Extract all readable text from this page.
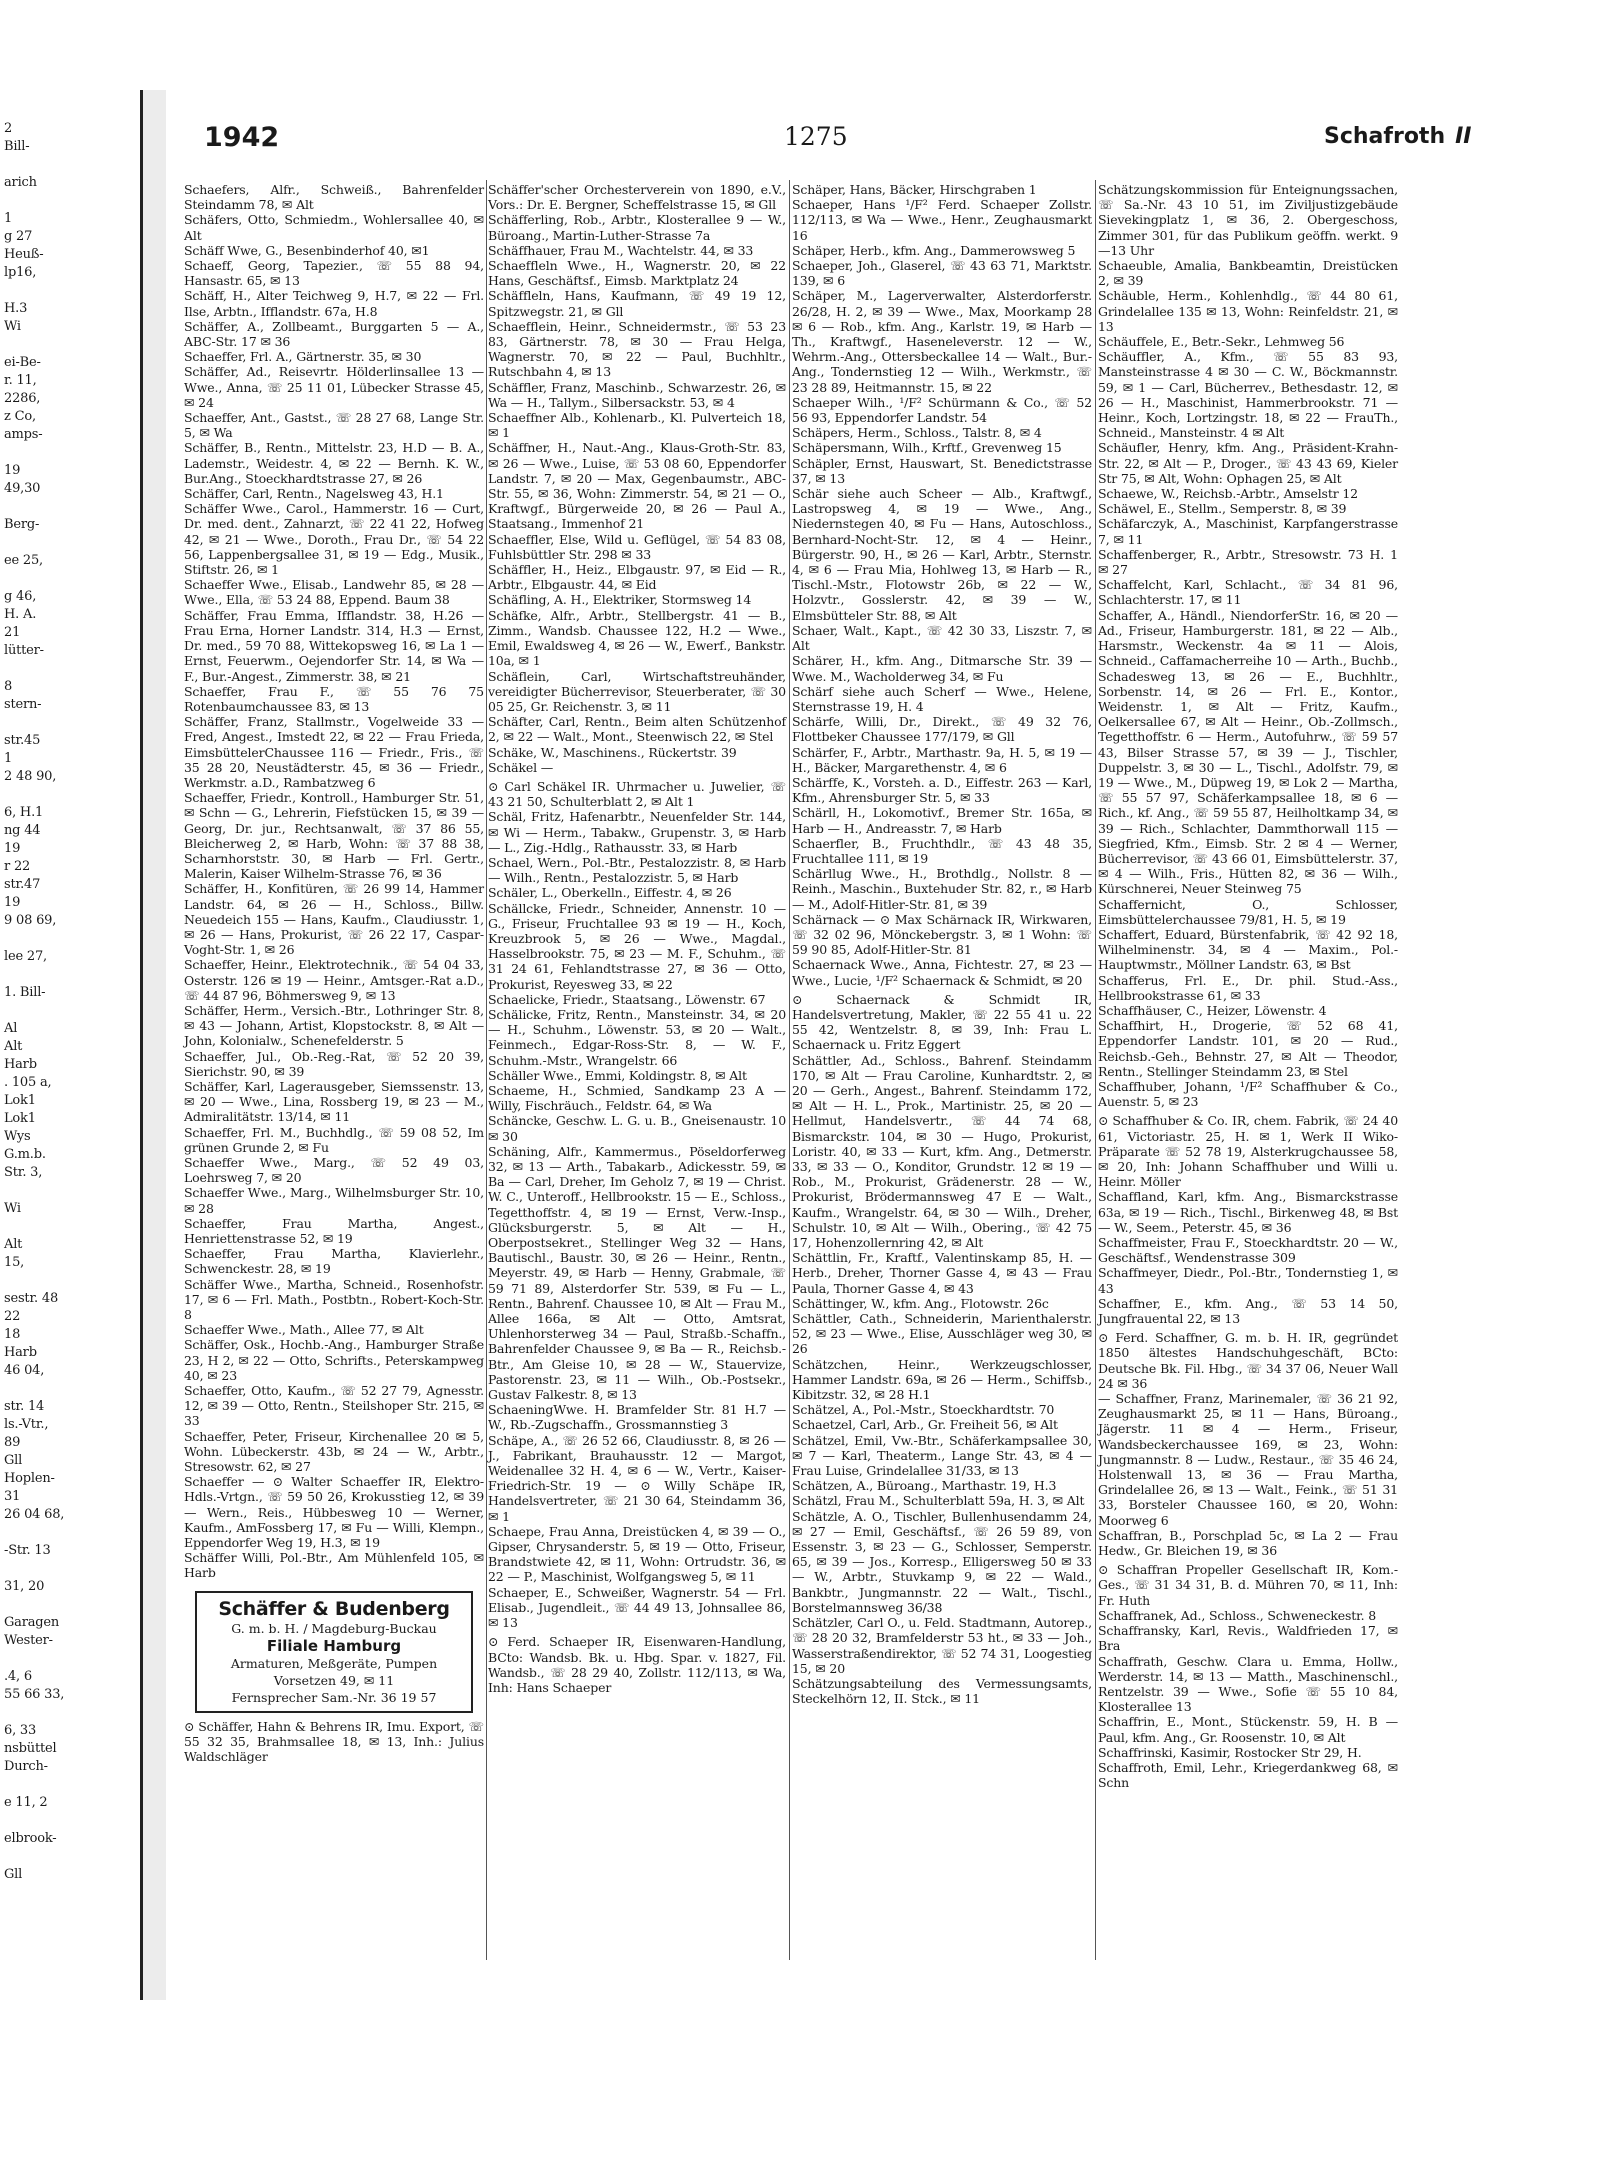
2
Bill-
arich
1
g 27
Heuß-
lp16,
H.3
Wi
ei-Be-
r. 11,
2286,
z Co,
amps-
19
49,30
Berg-
ee 25,
g 46,
H. A.
21
lütter-
8
stern-
str.45
1
2 48 90,
6, H.1
ng 44
19
r 22
str.47
19
9 08 69,
lee 27,
1. Bill-
Al
Alt
Harb
. 105 a,
Lok1
Lok1
Wys
G.m.b.
Str. 3,
Wi
Alt
15,
sestr. 48
22
18
Harb
46 04,
str. 14
ls.-Vtr.,
89
Gll
Hoplen-
31
26 04 68,
-Str. 13
31, 20
Garagen
Wester-
.4, 6
55 66 33,
6, 33
nsbüttel
Durch-
e 11, 2
elbrook-
Gll
1942	1275	Schafroth II
Schaefers, Alfr., Schweiß., Bahrenfelder Steindamm 78, ✉ Alt
Schäfers, Otto, Schmiedm., Wohlersallee 40, ✉ Alt
Schäff Wwe, G., Besenbinderhof 40, ✉1
Schaeff, Georg, Tapezier., ☏ 55 88 94, Hansastr. 65, ✉ 13
Schäff, H., Alter Teichweg 9, H.7, ✉ 22 — Frl. Ilse, Arbtn., Ifflandstr. 67a, H.8
Schäffer, A., Zollbeamt., Burggarten 5 — A., ABC-Str. 17 ✉ 36
Schaeffer, Frl. A., Gärtnerstr. 35, ✉ 30
Schäffer, Ad., Reisevrtr. Hölderlinsallee 13 — Wwe., Anna, ☏ 25 11 01, Lübecker Strasse 45, ✉ 24
Schaeffer, Ant., Gastst., ☏ 28 27 68, Lange Str. 5, ✉ Wa
Schäffer, B., Rentn., Mittelstr. 23, H.D — B. A., Lademstr., Weidestr. 4, ✉ 22 — Bernh. K. W., Bur.Ang., Stoeckhardtstrasse 27, ✉ 26
Schäffer, Carl, Rentn., Nagelsweg 43, H.1
Schäffer Wwe., Carol., Hammerstr. 16 — Curt, Dr. med. dent., Zahnarzt, ☏ 22 41 22, Hofweg 42, ✉ 21 — Wwe., Doroth., Frau Dr., ☏ 54 22 56, Lappenbergsallee 31, ✉ 19 — Edg., Musik., Stiftstr. 26, ✉ 1
Schaeffer Wwe., Elisab., Landwehr 85, ✉ 28 — Wwe., Ella, ☏ 53 24 88, Eppend. Baum 38
Schäffer, Frau Emma, Ifflandstr. 38, H.26 — Frau Erna, Horner Landstr. 314, H.3 — Ernst, Dr. med., 59 70 88, Wittekopsweg 16, ✉ La 1 — Ernst, Feuerwm., Oejendorfer Str. 14, ✉ Wa — F., Bur.-Angest., Zimmerstr. 38, ✉ 21
Schaeffer, Frau F., ☏ 55 76 75 Rotenbaumchaussee 83, ✉ 13
Schäffer, Franz, Stallmstr., Vogelweide 33 — Fred, Angest., Imstedt 22, ✉ 22 — Frau Frieda, EimsbüttelerChaussee 116 — Friedr., Fris., ☏ 35 28 20, Neustädterstr. 45, ✉ 36 — Friedr., Werkmstr. a.D., Rambatzweg 6
Schaeffer, Friedr., Kontroll., Hamburger Str. 51, ✉ Schn — G., Lehrerin, Fiefstücken 15, ✉ 39 — Georg, Dr. jur., Rechtsanwalt, ☏ 37 86 55, Bleicherweg 2, ✉ Harb, Wohn: ☏ 37 88 38, Scharnhorststr. 30, ✉ Harb — Frl. Gertr., Malerin, Kaiser Wilhelm-Strasse 76, ✉ 36
Schäffer, H., Konfitüren, ☏ 26 99 14, Hammer Landstr. 64, ✉ 26 — H., Schloss., Billw. Neuedeich 155 — Hans, Kaufm., Claudiusstr. 1, ✉ 26 — Hans, Prokurist, ☏ 26 22 17, Caspar-Voght-Str. 1, ✉ 26
Schaeffer, Heinr., Elektrotechnik., ☏ 54 04 33, Osterstr. 126 ✉ 19 — Heinr., Amtsger.-Rat a.D., ☏ 44 87 96, Böhmersweg 9, ✉ 13
Schäffer, Herm., Versich.-Btr., Lothringer Str. 8, ✉ 43 — Johann, Artist, Klopstockstr. 8, ✉ Alt — John, Kolonialw., Schenefelderstr. 5
Schaeffer, Jul., Ob.-Reg.-Rat, ☏ 52 20 39, Sierichstr. 90, ✉ 39
Schäffer, Karl, Lagerausgeber, Siemssenstr. 13, ✉ 20 — Wwe., Lina, Rossberg 19, ✉ 23 — M., Admiralitätstr. 13/14, ✉ 11
Schaeffer, Frl. M., Buchhdlg., ☏ 59 08 52, Im grünen Grunde 2, ✉ Fu
Schaeffer Wwe., Marg., ☏ 52 49 03, Loehrsweg 7, ✉ 20
Schaeffer Wwe., Marg., Wilhelmsburger Str. 10, ✉ 28
Schaeffer, Frau Martha, Angest., Henriettenstrasse 52, ✉ 19
Schaeffer, Frau Martha, Klavierlehr., Schwenckestr. 28, ✉ 19
Schäffer Wwe., Martha, Schneid., Rosenhofstr. 17, ✉ 6 — Frl. Math., Postbtn., Robert-Koch-Str. 8
Schaeffer Wwe., Math., Allee 77, ✉ Alt
Schäffer, Osk., Hochb.-Ang., Hamburger Straße 23, H 2, ✉ 22 — Otto, Schrifts., Peterskampweg 40, ✉ 23
Schaeffer, Otto, Kaufm., ☏ 52 27 79, Agnesstr. 12, ✉ 39 — Otto, Rentn., Steilshoper Str. 215, ✉ 33
Schaeffer, Peter, Friseur, Kirchenallee 20 ✉ 5, Wohn. Lübeckerstr. 43b, ✉ 24 — W., Arbtr., Stresowstr. 62, ✉ 27
Schaeffer — ⊙ Walter Schaeffer IR, Elektro-Hdls.-Vrtgn., ☏ 59 50 26, Krokusstieg 12, ✉ 39 — Wern., Reis., Hübbesweg 10 — Werner, Kaufm., AmFossberg 17, ✉ Fu — Willi, Klempn., Eppendorfer Weg 19, H.3, ✉ 19
Schäffer Willi, Pol.-Btr., Am Mühlenfeld 105, ✉ Harb
Schäffer & Budenberg
G. m. b. H. / Magdeburg-Buckau
Filiale Hamburg
Armaturen, Meßgeräte, Pumpen
Vorsetzen 49, ✉ 11
Fernsprecher Sam.-Nr. 36 19 57
⊙ Schäffer, Hahn & Behrens IR, Imu. Export, ☏ 55 32 35, Brahmsallee 18, ✉ 13, Inh.: Julius Waldschläger
Schäffer'scher Orchesterverein von 1890, e.V., Vors.: Dr. E. Bergner, Scheffelstrasse 15, ✉ Gll
Schäfferling, Rob., Arbtr., Klosterallee 9 — W., Büroang., Martin-Luther-Strasse 7a
Schäffhauer, Frau M., Wachtelstr. 44, ✉ 33
Schaeffleln Wwe., H., Wagnerstr. 20, ✉ 22 Hans, Geschäftsf., Eimsb. Marktplatz 24
Schäffleln, Hans, Kaufmann, ☏ 49 19 12, Spitzwegstr. 21, ✉ Gll
Schaefflein, Heinr., Schneidermstr., ☏ 53 23 83, Gärtnerstr. 78, ✉ 30 — Frau Helga, Wagnerstr. 70, ✉ 22 — Paul, Buchhltr., Rutschbahn 4, ✉ 13
Schäffler, Franz, Maschinb., Schwarzestr. 26, ✉ Wa — H., Tallym., Silbersackstr. 53, ✉ 4
Schaeffner Alb., Kohlenarb., Kl. Pulverteich 18, ✉ 1
Schäffner, H., Naut.-Ang., Klaus-Groth-Str. 83, ✉ 26 — Wwe., Luise, ☏ 53 08 60, Eppendorfer Landstr. 7, ✉ 20 — Max, Gegenbaumstr., ABC-Str. 55, ✉ 36, Wohn: Zimmerstr. 54, ✉ 21 — O., Kraftwgf., Bürgerweide 20, ✉ 26 — Paul A., Staatsang., Immenhof 21
Schaeffler, Else, Wild u. Geflügel, ☏ 54 83 08, Fuhlsbüttler Str. 298 ✉ 33
Schäffler, H., Heiz., Elbgaustr. 97, ✉ Eid — R., Arbtr., Elbgaustr. 44, ✉ Eid
Schäfling, A. H., Elektriker, Stormsweg 14
Schäfke, Alfr., Arbtr., Stellbergstr. 41 — B., Zimm., Wandsb. Chaussee 122, H.2 — Wwe., Emil, Ewaldsweg 4, ✉ 26 — W., Ewerf., Bankstr. 10a, ✉ 1
Schäflein, Carl, Wirtschaftstreuhänder, vereidigter Bücherrevisor, Steuerberater, ☏ 30 05 25, Gr. Reichenstr. 3, ✉ 11
Schäfter, Carl, Rentn., Beim alten Schützenhof 2, ✉ 22 — Walt., Mont., Steenwisch 22, ✉ Stel
Schäke, W., Maschinens., Rückertstr. 39
Schäkel —
⊙ Carl Schäkel IR. Uhrmacher u. Juwelier, ☏ 43 21 50, Schulterblatt 2, ✉ Alt 1
Schäl, Fritz, Hafenarbtr., Neuenfelder Str. 144, ✉ Wi — Herm., Tabakw., Grupenstr. 3, ✉ Harb — L., Zig.-Hdlg., Rathausstr. 33, ✉ Harb
Schael, Wern., Pol.-Btr., Pestalozzistr. 8, ✉ Harb — Wilh., Rentn., Pestalozzistr. 5, ✉ Harb
Schäler, L., Oberkelln., Eiffestr. 4, ✉ 26
Schällcke, Friedr., Schneider, Annenstr. 10 — G., Friseur, Fruchtallee 93 ✉ 19 — H., Koch, Kreuzbrook 5, ✉ 26 — Wwe., Magdal., Hasselbrookstr. 75, ✉ 23 — M. F., Schuhm., ☏ 31 24 61, Fehlandtstrasse 27, ✉ 36 — Otto, Prokurist, Reyesweg 33, ✉ 22
Schaelicke, Friedr., Staatsang., Löwenstr. 67
Schälicke, Fritz, Rentn., Mansteinstr. 34, ✉ 20 — H., Schuhm., Löwenstr. 53, ✉ 20 — Walt., Feinmech., Edgar-Ross-Str. 8, — W. F., Schuhm.-Mstr., Wrangelstr. 66
Schäller Wwe., Emmi, Koldingstr. 8, ✉ Alt
Schaeme, H., Schmied, Sandkamp 23 A — Willy, Fischräuch., Feldstr. 64, ✉ Wa
Schäncke, Geschw. L. G. u. B., Gneisenaustr. 10 ✉ 30
Schäning, Alfr., Kammermus., Pöseldorferweg 32, ✉ 13 — Arth., Tabakarb., Adickesstr. 59, ✉ Ba — Carl, Dreher, Im Geholz 7, ✉ 19 — Christ. W. C., Unteroff., Hellbrookstr. 15 — E., Schloss., Tegetthoffstr. 4, ✉ 19 — Ernst, Verw.-Insp., Glücksburgerstr. 5, ✉ Alt — H., Oberpostsekret., Stellinger Weg 32 — Hans, Bautischl., Baustr. 30, ✉ 26 — Heinr., Rentn., Meyerstr. 49, ✉ Harb — Henny, Grabmale, ☏ 59 71 89, Alsterdorfer Str. 539, ✉ Fu — L., Rentn., Bahrenf. Chaussee 10, ✉ Alt — Frau M., Allee 166a, ✉ Alt — Otto, Amtsrat, Uhlenhorsterweg 34 — Paul, Straßb.-Schaffn., Bahrenfelder Chaussee 9, ✉ Ba — R., Reichsb.-Btr., Am Gleise 10, ✉ 28 — W., Stauervize, Pastorenstr. 23, ✉ 11 — Wilh., Ob.-Postsekr., Gustav Falkestr. 8, ✉ 13
SchaeningWwe. H. Bramfelder Str. 81 H.7 — W., Rb.-Zugschaffn., Grossmannstieg 3
Schäpe, A., ☏ 26 52 66, Claudiusstr. 8, ✉ 26 — J., Fabrikant, Brauhausstr. 12 — Margot, Weidenallee 32 H. 4, ✉ 6 — W., Vertr., Kaiser-Friedrich-Str. 19 — ⊙ Willy Schäpe IR, Handelsvertreter, ☏ 21 30 64, Steindamm 36, ✉ 1
Schaepe, Frau Anna, Dreistücken 4, ✉ 39 — O., Gipser, Chrysanderstr. 5, ✉ 19 — Otto, Friseur, Brandstwiete 42, ✉ 11, Wohn: Ortrudstr. 36, ✉ 22 — P., Maschinist, Wolfgangsweg 5, ✉ 11
Schaeper, E., Schweißer, Wagnerstr. 54 — Frl. Elisab., Jugendleit., ☏ 44 49 13, Johnsallee 86, ✉ 13
⊙ Ferd. Schaeper IR, Eisenwaren-Handlung, BCto: Wandsb. Bk. u. Hbg. Spar. v. 1827, Fil. Wandsb., ☏ 28 29 40, Zollstr. 112/113, ✉ Wa, Inh: Hans Schaeper
Schäper, Hans, Bäcker, Hirschgraben 1
Schaeper, Hans ¹/F² Ferd. Schaeper Zollstr. 112/113, ✉ Wa — Wwe., Henr., Zeughausmarkt 16
Schäper, Herb., kfm. Ang., Dammerowsweg 5
Schaeper, Joh., Glaserel, ☏ 43 63 71, Marktstr. 139, ✉ 6
Schäper, M., Lagerverwalter, Alsterdorferstr. 26/28, H. 2, ✉ 39 — Wwe., Max, Moorkamp 28 ✉ 6 — Rob., kfm. Ang., Karlstr. 19, ✉ Harb — Th., Kraftwgf., Haseneleverstr. 12 — W., Wehrm.-Ang., Ottersbeckallee 14 — Walt., Bur.-Ang., Tondernstieg 12 — Wilh., Werkmstr., ☏ 23 28 89, Heitmannstr. 15, ✉ 22
Schaeper Wilh., ¹/F² Schürmann & Co., ☏ 52 56 93, Eppendorfer Landstr. 54
Schäpers, Herm., Schloss., Talstr. 8, ✉ 4
Schäpersmann, Wilh., Krftf., Grevenweg 15
Schäpler, Ernst, Hauswart, St. Benedictstrasse 37, ✉ 13
Schär siehe auch Scheer — Alb., Kraftwgf., Lastropsweg 4, ✉ 19 — Wwe., Ang., Niedernstegen 40, ✉ Fu — Hans, Autoschloss., Bernhard-Nocht-Str. 12, ✉ 4 — Heinr., Bürgerstr. 90, H., ✉ 26 — Karl, Arbtr., Sternstr. 4, ✉ 6 — Frau Mia, Hohlweg 13, ✉ Harb — R., Tischl.-Mstr., Flotowstr 26b, ✉ 22 — W., Holzvtr., Gosslerstr. 42, ✉ 39 — W., Elmsbütteler Str. 88, ✉ Alt
Schaer, Walt., Kapt., ☏ 42 30 33, Liszstr. 7, ✉ Alt
Schärer, H., kfm. Ang., Ditmarsche Str. 39 — Wwe. M., Wacholderweg 34, ✉ Fu
Schärf siehe auch Scherf — Wwe., Helene, Sternstrasse 19, H. 4
Schärfe, Willi, Dr., Direkt., ☏ 49 32 76, Flottbeker Chaussee 177/179, ✉ Gll
Schärfer, F., Arbtr., Marthastr. 9a, H. 5, ✉ 19 — H., Bäcker, Margarethenstr. 4, ✉ 6
Schärffe, K., Vorsteh. a. D., Eiffestr. 263 — Karl, Kfm., Ahrensburger Str. 5, ✉ 33
Schärll, H., Lokomotivf., Bremer Str. 165a, ✉ Harb — H., Andreasstr. 7, ✉ Harb
Schaerfler, B., Fruchthdlr., ☏ 43 48 35, Fruchtallee 111, ✉ 19
Schärllug Wwe., H., Brothdlg., Nollstr. 8 — Reinh., Maschin., Buxtehuder Str. 82, r., ✉ Harb — M., Adolf-Hitler-Str. 81, ✉ 39
Schärnack — ⊙ Max Schärnack IR, Wirkwaren, ☏ 32 02 96, Mönckebergstr. 3, ✉ 1 Wohn: ☏ 59 90 85, Adolf-Hitler-Str. 81
Schaernack Wwe., Anna, Fichtestr. 27, ✉ 23 — Wwe., Lucie, ¹/F² Schaernack & Schmidt, ✉ 20
⊙ Schaernack & Schmidt IR, Handelsvertretung, Makler, ☏ 22 55 41 u. 22 55 42, Wentzelstr. 8, ✉ 39, Inh: Frau L. Schaernack u. Fritz Eggert
Schättler, Ad., Schloss., Bahrenf. Steindamm 170, ✉ Alt — Frau Caroline, Kunhardtstr. 2, ✉ 20 — Gerh., Angest., Bahrenf. Steindamm 172, ✉ Alt — H. L., Prok., Martinistr. 25, ✉ 20 — Hellmut, Handelsvertr., ☏ 44 74 68, Bismarckstr. 104, ✉ 30 — Hugo, Prokurist, Loristr. 40, ✉ 33 — Kurt, kfm. Ang., Detmerstr. 33, ✉ 33 — O., Konditor, Grundstr. 12 ✉ 19 — Rob., M., Prokurist, Grädenerstr. 28 — W., Prokurist, Brödermannsweg 47 E — Walt., Kaufm., Wrangelstr. 64, ✉ 30 — Wilh., Dreher, Schulstr. 10, ✉ Alt — Wilh., Obering., ☏ 42 75 17, Hohenzollernring 42, ✉ Alt
Schättlin, Fr., Kraftf., Valentinskamp 85, H. — Herb., Dreher, Thorner Gasse 4, ✉ 43 — Frau Paula, Thorner Gasse 4, ✉ 43
Schättinger, W., kfm. Ang., Flotowstr. 26c
Schättler, Cath., Schneiderin, Marienthalerstr. 52, ✉ 23 — Wwe., Elise, Ausschläger weg 30, ✉ 26
Schätzchen, Heinr., Werkzeugschlosser, Hammer Landstr. 69a, ✉ 26 — Herm., Schiffsb., Kibitzstr. 32, ✉ 28 H.1
Schätzel, A., Pol.-Mstr., Stoeckhardtstr. 70
Schaetzel, Carl, Arb., Gr. Freiheit 56, ✉ Alt
Schätzel, Emil, Vw.-Btr., Schäferkampsallee 30, ✉ 7 — Karl, Theaterm., Lange Str. 43, ✉ 4 — Frau Luise, Grindelallee 31/33, ✉ 13
Schätzen, A., Büroang., Marthastr. 19, H.3
Schätzl, Frau M., Schulterblatt 59a, H. 3, ✉ Alt
Schätzle, A. O., Tischler, Bullenhusendamm 24, ✉ 27 — Emil, Geschäftsf., ☏ 26 59 89, von Essenstr. 3, ✉ 23 — G., Schlosser, Semperstr. 65, ✉ 39 — Jos., Korresp., Elligersweg 50 ✉ 33 — W., Arbtr., Stuvkamp 9, ✉ 22 — Wald., Bankbtr., Jungmannstr. 22 — Walt., Tischl., Borstelmannsweg 36/38
Schätzler, Carl O., u. Feld. Stadtmann, Autorep., ☏ 28 20 32, Bramfelderstr 53 ht., ✉ 33 — Joh., Wasserstraßendirektor, ☏ 52 74 31, Loogestieg 15, ✉ 20
Schätzungsabteilung des Vermessungsamts, Steckelhörn 12, II. Stck., ✉ 11
Schätzungskommission für Enteignungssachen, ☏ Sa.-Nr. 43 10 51, im Ziviljustizgebäude Sievekingplatz 1, ✉ 36, 2. Obergeschoss, Zimmer 301, für das Publikum geöffn. werkt. 9—13 Uhr
Schaeuble, Amalia, Bankbeamtin, Dreistücken 2, ✉ 39
Schäuble, Herm., Kohlenhdlg., ☏ 44 80 61, Grindelallee 135 ✉ 13, Wohn: Reinfeldstr. 21, ✉ 13
Schäuffele, E., Betr.-Sekr., Lehmweg 56
Schäuffler, A., Kfm., ☏ 55 83 93, Mansteinstrasse 4 ✉ 30 — C. W., Böckmannstr. 59, ✉ 1 — Carl, Bücherrev., Bethesdastr. 12, ✉ 26 — H., Maschinist, Hammerbrookstr. 71 — Heinr., Koch, Lortzingstr. 18, ✉ 22 — FrauTh., Schneid., Mansteinstr. 4 ✉ Alt
Schäufler, Henry, kfm. Ang., Präsident-Krahn-Str. 22, ✉ Alt — P., Droger., ☏ 43 43 69, Kieler Str 75, ✉ Alt, Wohn: Ophagen 25, ✉ Alt
Schaewe, W., Reichsb.-Arbtr., Amselstr 12
Schäwel, E., Stellm., Semperstr. 8, ✉ 39
Schäfarczyk, A., Maschinist, Karpfangerstrasse 7, ✉ 11
Schaffenberger, R., Arbtr., Stresowstr. 73 H. 1 ✉ 27
Schaffelcht, Karl, Schlacht., ☏ 34 81 96, Schlachterstr. 17, ✉ 11
Schaffer, A., Händl., NiendorferStr. 16, ✉ 20 — Ad., Friseur, Hamburgerstr. 181, ✉ 22 — Alb., Harsmstr., Weckenstr. 4a ✉ 11 — Alois, Schneid., Caffamacherreihe 10 — Arth., Buchb., Schadesweg 13, ✉ 26 — E., Buchhltr., Sorbenstr. 14, ✉ 26 — Frl. E., Kontor., Weidenstr. 1, ✉ Alt — Fritz, Kaufm., Oelkersallee 67, ✉ Alt — Heinr., Ob.-Zollmsch., Tegetthoffstr. 6 — Herm., Autofuhrw., ☏ 59 57 43, Bilser Strasse 57, ✉ 39 — J., Tischler, Duppelstr. 3, ✉ 30 — L., Tischl., Adolfstr. 79, ✉ 19 — Wwe., M., Düpweg 19, ✉ Lok 2 — Martha, ☏ 55 57 97, Schäferkampsallee 18, ✉ 6 — Rich., kf. Ang., ☏ 59 55 87, Heilholtkamp 34, ✉ 39 — Rich., Schlachter, Dammthorwall 115 — Siegfried, Kfm., Eimsb. Str. 2 ✉ 4 — Werner, Bücherrevisor, ☏ 43 66 01, Eimsbüttelerstr. 37, ✉ 4 — Wilh., Fris., Hütten 82, ✉ 36 — Wilh., Kürschnerei, Neuer Steinweg 75
Schaffernicht, O., Schlosser, Eimsbüttelerchaussee 79/81, H. 5, ✉ 19
Schaffert, Eduard, Bürstenfabrik, ☏ 42 92 18, Wilhelminenstr. 34, ✉ 4 — Maxim., Pol.-Hauptwmstr., Möllner Landstr. 63, ✉ Bst
Schafferus, Frl. E., Dr. phil. Stud.-Ass., Hellbrookstrasse 61, ✉ 33
Schaffhäuser, C., Heizer, Löwenstr. 4
Schaffhirt, H., Drogerie, ☏ 52 68 41, Eppendorfer Landstr. 101, ✉ 20 — Rud., Reichsb.-Geh., Behnstr. 27, ✉ Alt — Theodor, Rentn., Stellinger Steindamm 23, ✉ Stel
Schaffhuber, Johann, ¹/F² Schaffhuber & Co., Auenstr. 5, ✉ 23
⊙ Schaffhuber & Co. IR, chem. Fabrik, ☏ 24 40 61, Victoriastr. 25, H. ✉ 1, Werk II Wiko-Präparate ☏ 52 78 19, Alsterkrugchaussee 58, ✉ 20, Inh: Johann Schaffhuber und Willi u. Heinr. Möller
Schaffland, Karl, kfm. Ang., Bismarckstrasse 63a, ✉ 19 — Rich., Tischl., Birkenweg 48, ✉ Bst — W., Seem., Peterstr. 45, ✉ 36
Schaffmeister, Frau F., Stoeckhardtstr. 20 — W., Geschäftsf., Wendenstrasse 309
Schaffmeyer, Diedr., Pol.-Btr., Tondernstieg 1, ✉ 43
Schaffner, E., kfm. Ang., ☏ 53 14 50, Jungfrauental 22, ✉ 13
⊙ Ferd. Schaffner, G. m. b. H. IR, gegründet 1850 ältestes Handschuhgeschäft, BCto: Deutsche Bk. Fil. Hbg., ☏ 34 37 06, Neuer Wall 24 ✉ 36
— Schaffner, Franz, Marinemaler, ☏ 36 21 92, Zeughausmarkt 25, ✉ 11 — Hans, Büroang., Jägerstr. 11 ✉ 4 — Herm., Friseur, Wandsbeckerchaussee 169, ✉ 23, Wohn: Jungmannstr. 8 — Ludw., Restaur., ☏ 35 46 24, Holstenwall 13, ✉ 36 — Frau Martha, Grindelallee 26, ✉ 13 — Walt., Feink., ☏ 51 31 33, Borsteler Chaussee 160, ✉ 20, Wohn: Moorweg 6
Schaffran, B., Porschplad 5c, ✉ La 2 — Frau Hedw., Gr. Bleichen 19, ✉ 36
⊙ Schaffran Propeller Gesellschaft IR, Kom.-Ges., ☏ 31 34 31, B. d. Mühren 70, ✉ 11, Inh: Fr. Huth
Schaffranek, Ad., Schloss., Schweneckestr. 8
Schaffransky, Karl, Revis., Waldfrieden 17, ✉ Bra
Schaffrath, Geschw. Clara u. Emma, Hollw., Werderstr. 14, ✉ 13 — Matth., Maschinenschl., Rentzelstr. 39 — Wwe., Sofie ☏ 55 10 84, Klosterallee 13
Schaffrin, E., Mont., Stückenstr. 59, H. B — Paul, kfm. Ang., Gr. Roosenstr. 10, ✉ Alt
Schaffrinski, Kasimir, Rostocker Str 29, H.
Schaffroth, Emil, Lehr., Kriegerdankweg 68, ✉ Schn
